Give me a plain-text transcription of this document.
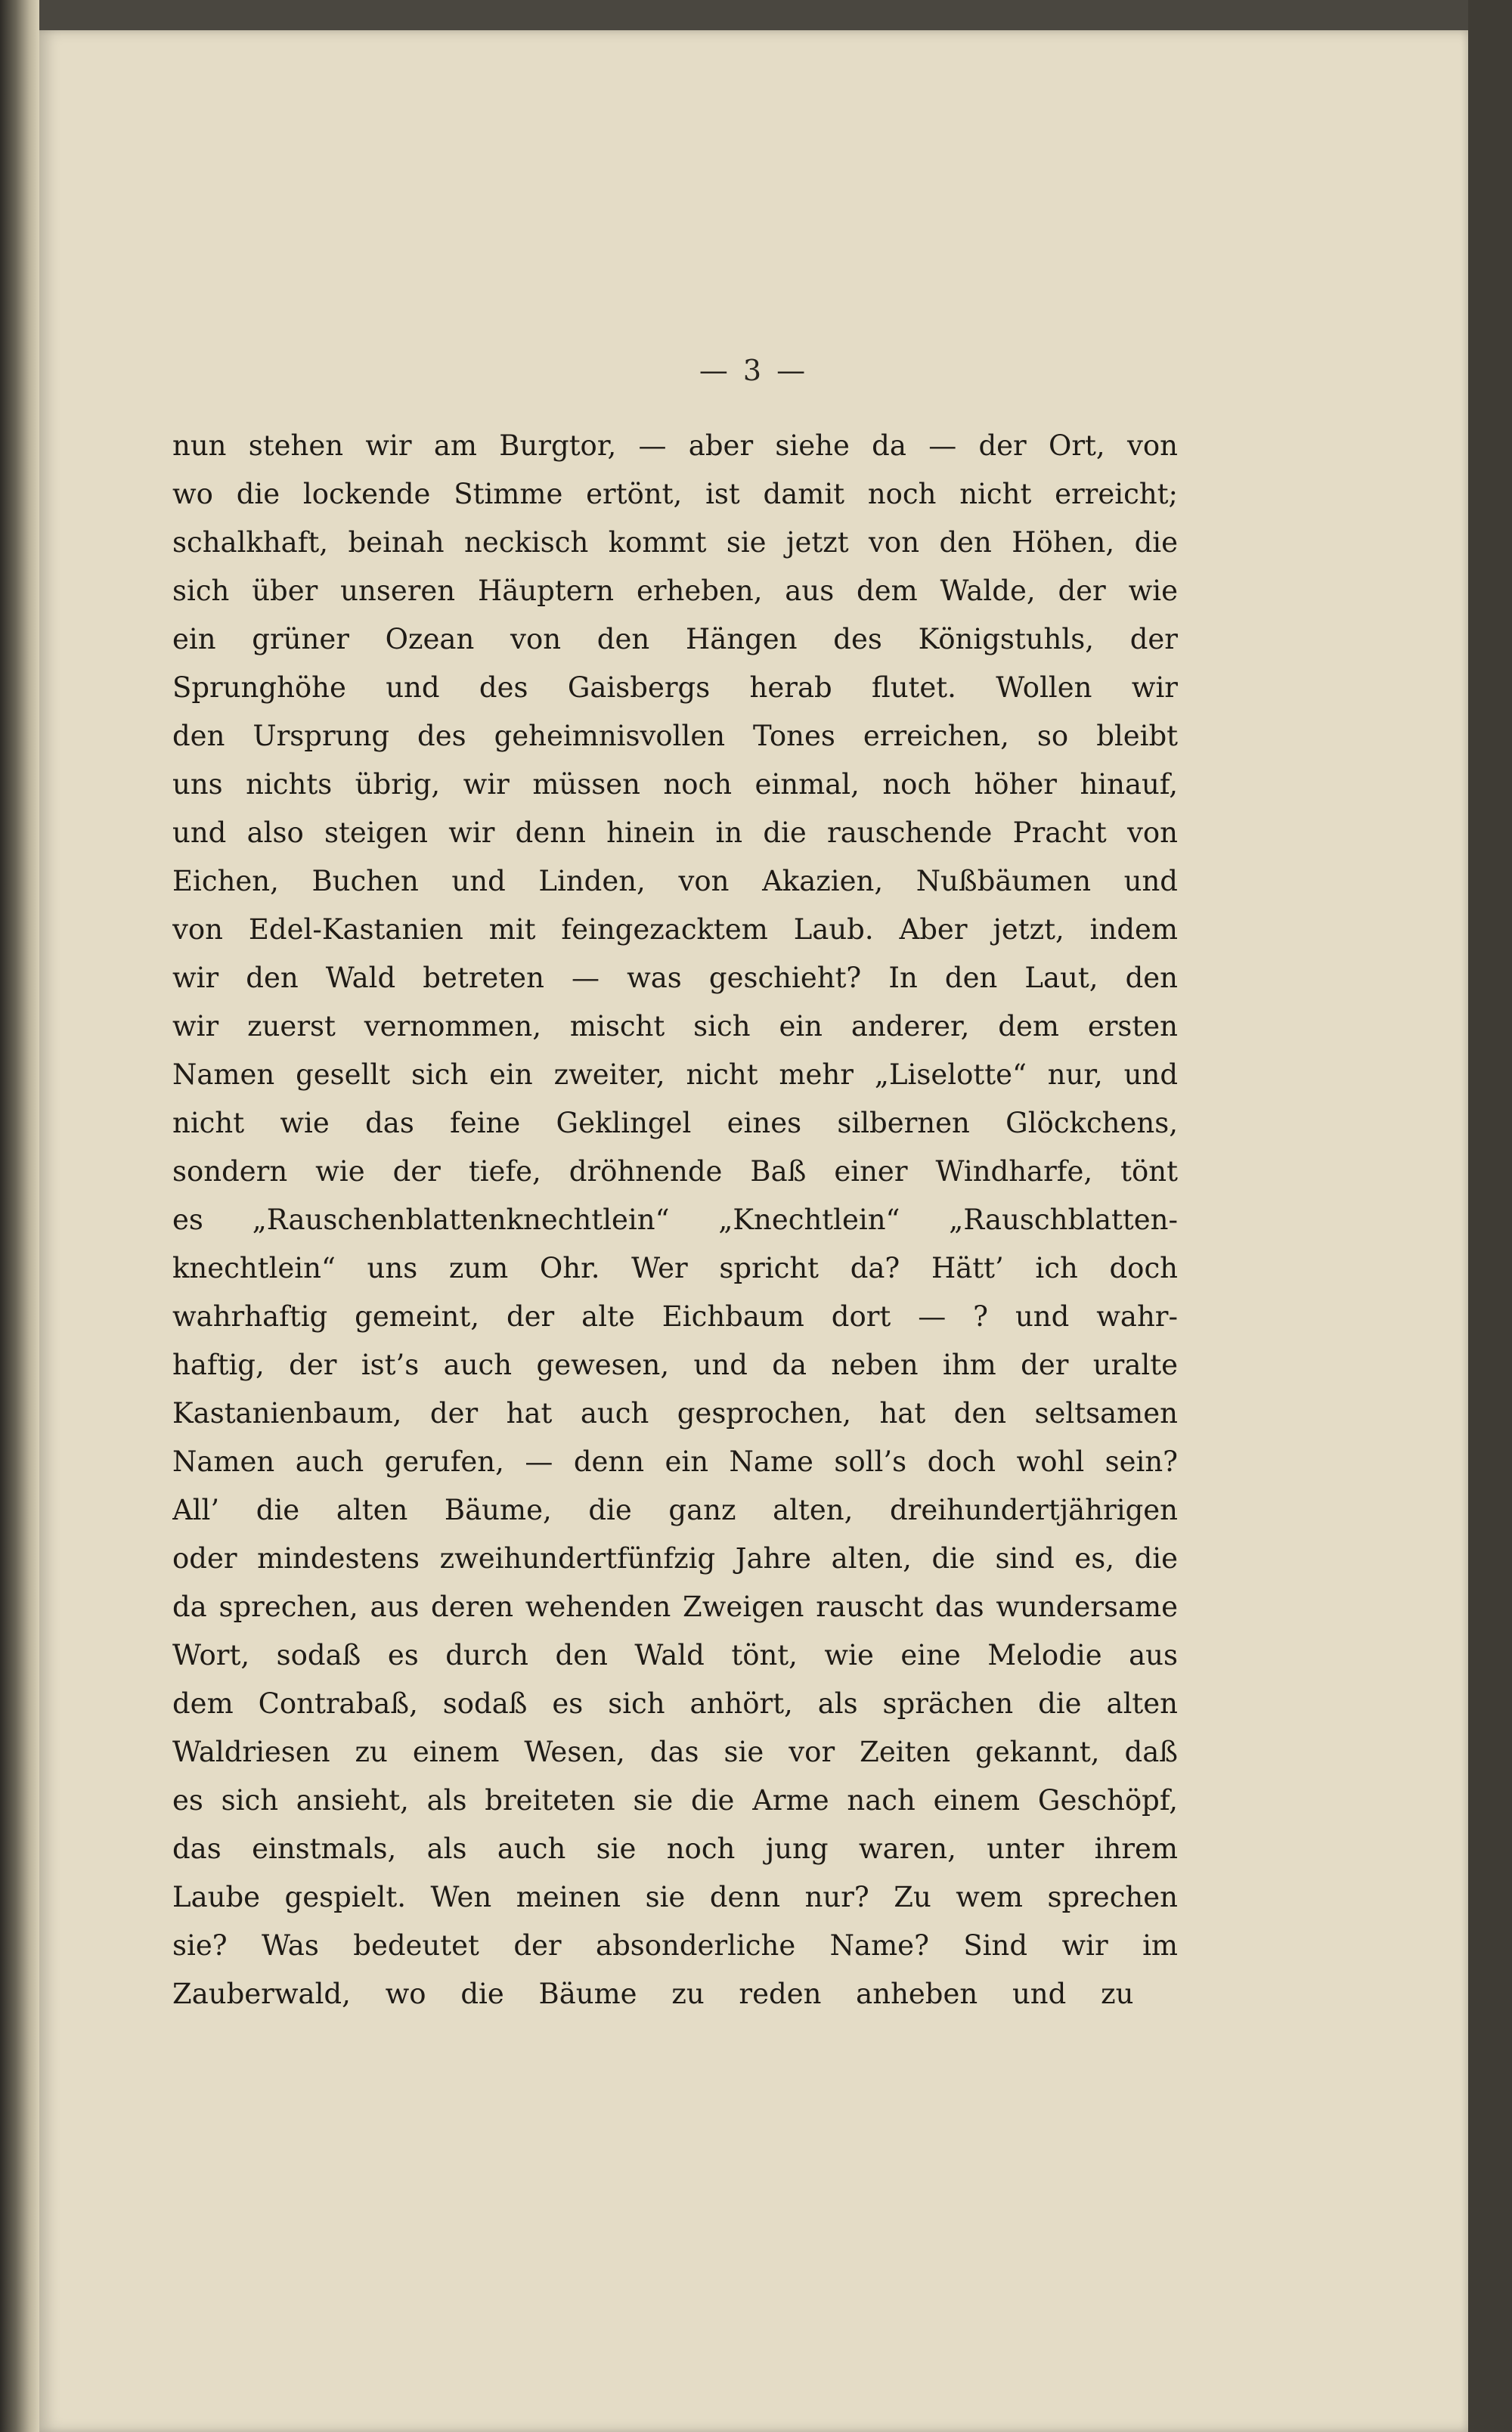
— 3 —
nun stehen wir am Burgtor, — aber siehe da — der Ort, von
wo die lockende Stimme ertönt, ist damit noch nicht erreicht;
schalkhaft, beinah neckisch kommt sie jetzt von den Höhen, die
sich über unseren Häuptern erheben, aus dem Walde, der wie
ein grüner Ozean von den Hängen des Königstuhls, der
Sprunghöhe und des Gaisbergs herab flutet. Wollen wir
den Ursprung des geheimnisvollen Tones erreichen, so bleibt
uns nichts übrig, wir müssen noch einmal, noch höher hinauf,
und also steigen wir denn hinein in die rauschende Pracht von
Eichen, Buchen und Linden, von Akazien, Nußbäumen und
von Edel-Kastanien mit feingezacktem Laub. Aber jetzt, indem
wir den Wald betreten — was geschieht? In den Laut, den
wir zuerst vernommen, mischt sich ein anderer, dem ersten
Namen gesellt sich ein zweiter, nicht mehr „Liselotte“ nur, und
nicht wie das feine Geklingel eines silbernen Glöckchens,
sondern wie der tiefe, dröhnende Baß einer Windharfe, tönt
es „Rauschenblattenknechtlein“ „Knechtlein“ „Rauschblatten-
knechtlein“ uns zum Ohr. Wer spricht da? Hätt’ ich doch
wahrhaftig gemeint, der alte Eichbaum dort — ? und wahr-
haftig, der ist’s auch gewesen, und da neben ihm der uralte
Kastanienbaum, der hat auch gesprochen, hat den seltsamen
Namen auch gerufen, — denn ein Name soll’s doch wohl sein?
All’ die alten Bäume, die ganz alten, dreihundertjährigen
oder mindestens zweihundertfünfzig Jahre alten, die sind es, die
da sprechen, aus deren wehenden Zweigen rauscht das wundersame
Wort, sodaß es durch den Wald tönt, wie eine Melodie aus
dem Contrabaß, sodaß es sich anhört, als sprächen die alten
Waldriesen zu einem Wesen, das sie vor Zeiten gekannt, daß
es sich ansieht, als breiteten sie die Arme nach einem Geschöpf,
das einstmals, als auch sie noch jung waren, unter ihrem
Laube gespielt. Wen meinen sie denn nur? Zu wem sprechen
sie? Was bedeutet der absonderliche Name? Sind wir im
Zauberwald, wo die Bäume zu reden anheben und zu
